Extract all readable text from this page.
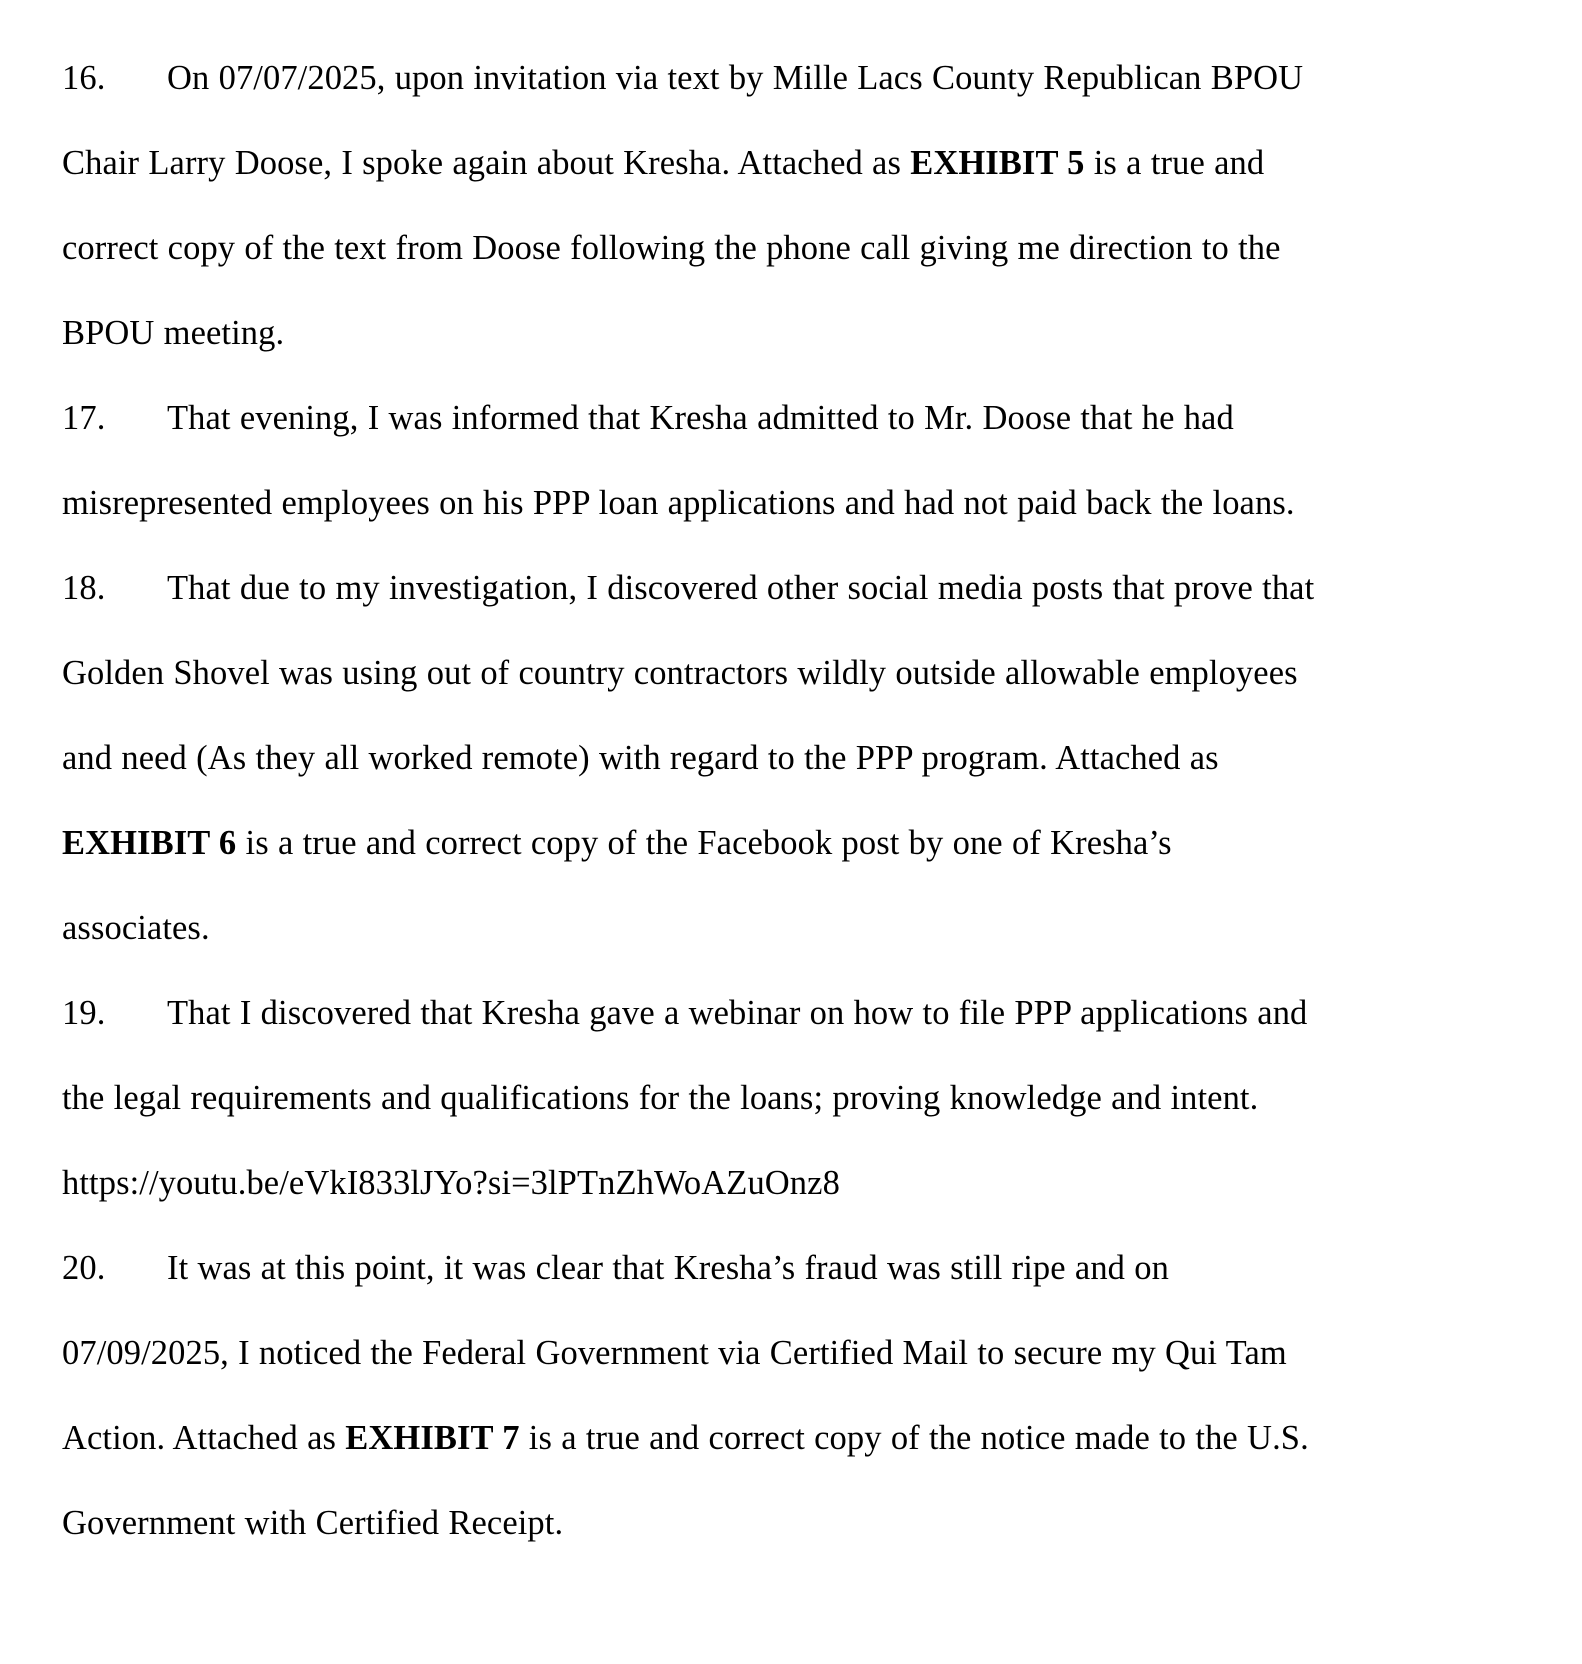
16. On 07/07/2025, upon invitation via text by Mille Lacs County Republican BPOU
Chair Larry Doose, I spoke again about Kresha. Attached as EXHIBIT 5 is a true and
correct copy of the text from Doose following the phone call giving me direction to the
BPOU meeting.

17. That evening, I was informed that Kresha admitted to Mr. Doose that he had
misrepresented employees on his PPP loan applications and had not paid back the loans.

18. That due to my investigation, I discovered other social media posts that prove that
Golden Shovel was using out of country contractors wildly outside allowable employees
and need (As they all worked remote) with regard to the PPP program. Attached as
EXHIBIT 6 is a true and correct copy of the Facebook post by one of Kresha’s
associates.

19. That I discovered that Kresha gave a webinar on how to file PPP applications and
the legal requirements and qualifications for the loans; proving knowledge and intent.
https://youtu.be/eVkI833lJYo?si=3lPTnZhWoAZuOnz8

20. It was at this point, it was clear that Kresha’s fraud was still ripe and on
07/09/2025, I noticed the Federal Government via Certified Mail to secure my Qui Tam
Action. Attached as EXHIBIT 7 is a true and correct copy of the notice made to the U.S.
Government with Certified Receipt.
